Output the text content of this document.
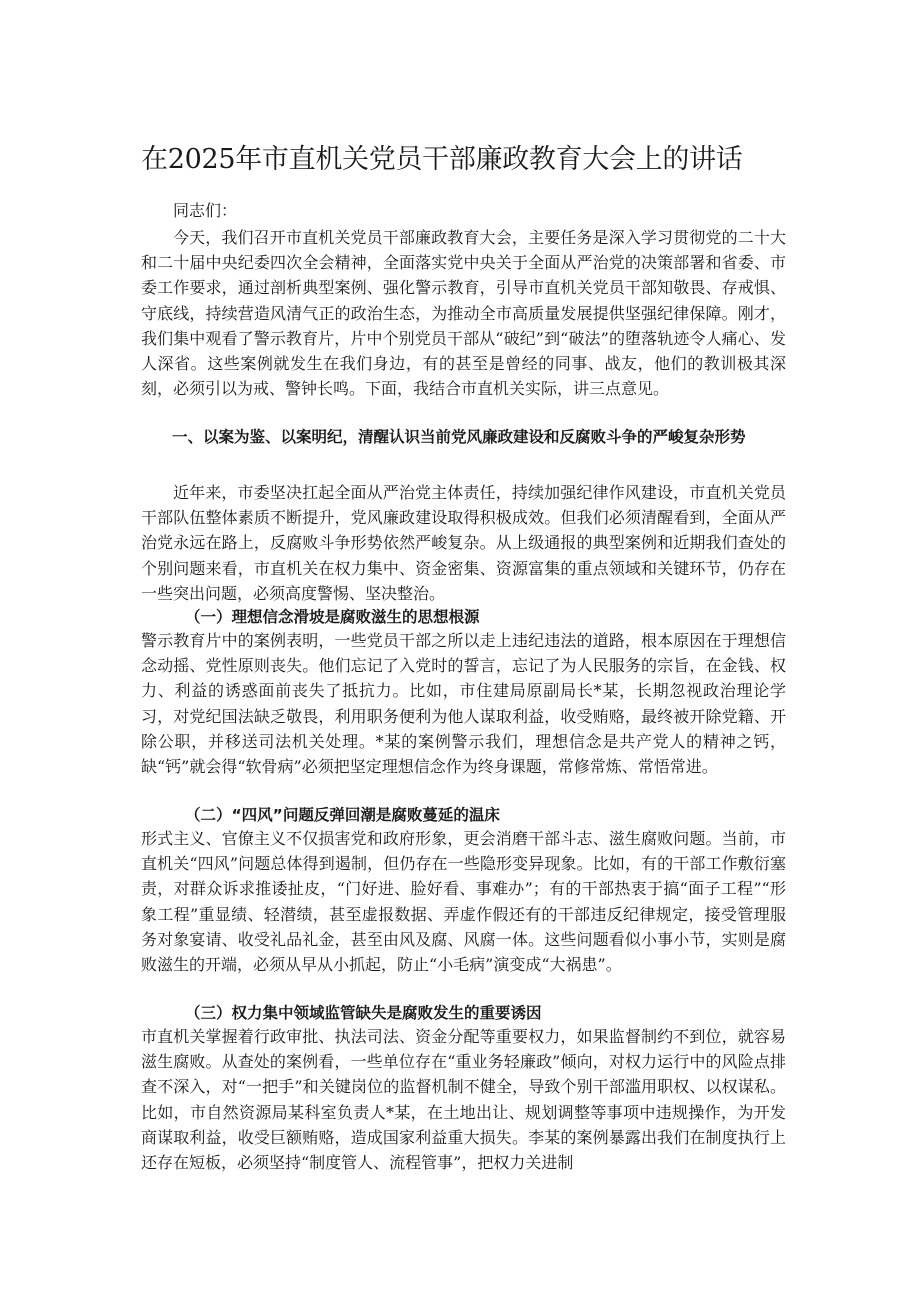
在2025年市直机关党员干部廉政教育大会上的讲话

同志们：

今天，我们召开市直机关党员干部廉政教育大会，主要任务是深入学习贯彻党的二十大和二十届中央纪委四次全会精神，全面落实党中央关于全面从严治党的决策部署和省委、市委工作要求，通过剖析典型案例、强化警示教育，引导市直机关党员干部知敬畏、存戒惧、守底线，持续营造风清气正的政治生态，为推动全市高质量发展提供坚强纪律保障。刚才，我们集中观看了警示教育片，片中个别党员干部从“破纪”到“破法”的堕落轨迹令人痛心、发人深省。这些案例就发生在我们身边，有的甚至是曾经的同事、战友，他们的教训极其深刻，必须引以为戒、警钟长鸣。下面，我结合市直机关实际，讲三点意见。

一、以案为鉴、以案明纪，清醒认识当前党风廉政建设和反腐败斗争的严峻复杂形势

近年来，市委坚决扛起全面从严治党主体责任，持续加强纪律作风建设，市直机关党员干部队伍整体素质不断提升，党风廉政建设取得积极成效。但我们必须清醒看到，全面从严治党永远在路上，反腐败斗争形势依然严峻复杂。从上级通报的典型案例和近期我们查处的个别问题来看，市直机关在权力集中、资金密集、资源富集的重点领域和关键环节，仍存在一些突出问题，必须高度警惕、坚决整治。

（一）理想信念滑坡是腐败滋生的思想根源

警示教育片中的案例表明，一些党员干部之所以走上违纪违法的道路，根本原因在于理想信念动摇、党性原则丧失。他们忘记了入党时的誓言，忘记了为人民服务的宗旨，在金钱、权力、利益的诱惑面前丧失了抵抗力。比如，市住建局原副局长*某，长期忽视政治理论学习，对党纪国法缺乏敬畏，利用职务便利为他人谋取利益，收受贿赂，最终被开除党籍、开除公职，并移送司法机关处理。*某的案例警示我们，理想信念是共产党人的精神之钙，缺“钙”就会得“软骨病”必须把坚定理想信念作为终身课题，常修常炼、常悟常进。

（二）“四风”问题反弹回潮是腐败蔓延的温床

形式主义、官僚主义不仅损害党和政府形象，更会消磨干部斗志、滋生腐败问题。当前，市直机关“四风”问题总体得到遏制，但仍存在一些隐形变异现象。比如，有的干部工作敷衍塞责，对群众诉求推诿扯皮，“门好进、脸好看、事难办”；有的干部热衷于搞“面子工程”“形象工程”重显绩、轻潜绩，甚至虚报数据、弄虚作假还有的干部违反纪律规定，接受管理服务对象宴请、收受礼品礼金，甚至由风及腐、风腐一体。这些问题看似小事小节，实则是腐败滋生的开端，必须从早从小抓起，防止“小毛病”演变成“大祸患”。

（三）权力集中领域监管缺失是腐败发生的重要诱因

市直机关掌握着行政审批、执法司法、资金分配等重要权力，如果监督制约不到位，就容易滋生腐败。从查处的案例看，一些单位存在“重业务轻廉政”倾向，对权力运行中的风险点排查不深入，对“一把手”和关键岗位的监督机制不健全，导致个别干部滥用职权、以权谋私。比如，市自然资源局某科室负责人*某，在土地出让、规划调整等事项中违规操作，为开发商谋取利益，收受巨额贿赂，造成国家利益重大损失。李某的案例暴露出我们在制度执行上还存在短板，必须坚持“制度管人、流程管事”，把权力关进制
